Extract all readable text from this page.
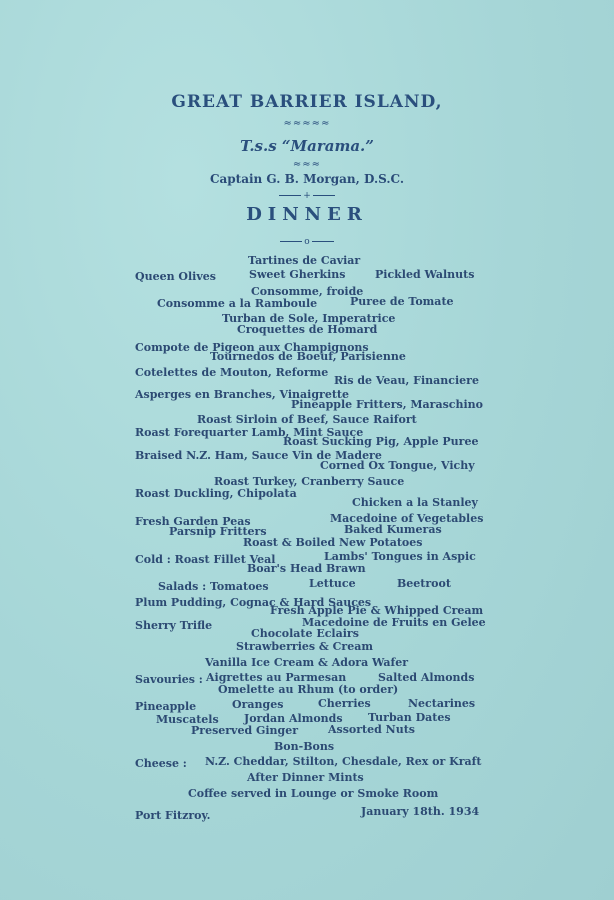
GREAT BARRIER ISLAND,
≈≈≈≈≈
T.s.s “Marama.”
≈≈≈
Captain G. B. Morgan, D.S.C.
+
DINNER
o
Tartines de Caviar
Queen Olives	Sweet Gherkins	Pickled Walnuts
Consomme, froide
Consomme a la Ramboule	Puree de Tomate
Turban de Sole, Imperatrice
Croquettes de Homard
Compote de Pigeon aux Champignons
Tournedos de Boeuf, Parisienne
Cotelettes de Mouton, Reforme
Ris de Veau, Financiere
Asperges en Branches, Vinaigrette
Pineapple Fritters, Maraschino
Roast Sirloin of Beef, Sauce Raifort
Roast Forequarter Lamb, Mint Sauce
Roast Sucking Pig, Apple Puree
Braised N.Z. Ham, Sauce Vin de Madere
Corned Ox Tongue, Vichy
Roast Turkey, Cranberry Sauce
Roast Duckling, Chipolata
Chicken a la Stanley
Fresh Garden Peas	Macedoine of Vegetables
Parsnip Fritters	Baked Kumeras
Roast & Boiled New Potatoes
Cold : Roast Fillet Veal	Lambs' Tongues in Aspic
Boar's Head Brawn
Salads : Tomatoes	Lettuce	Beetroot
Plum Pudding, Cognac & Hard Sauces
Fresh Apple Pie & Whipped Cream
Sherry Trifle	Macedoine de Fruits en Gelee
Chocolate Eclairs
Strawberries & Cream
Vanilla Ice Cream & Adora Wafer
Savouries : Aigrettes au Parmesan	Salted Almonds
Omelette au Rhum (to order)
Pineapple	Oranges	Cherries	Nectarines
Muscatels Jordan Almonds Turban Dates
Preserved Ginger	Assorted Nuts
Bon-Bons
Cheese : N.Z. Cheddar, Stilton, Chesdale, Rex or Kraft
After Dinner Mints
Coffee served in Lounge or Smoke Room
Port Fitzroy.	January 18th. 1934
